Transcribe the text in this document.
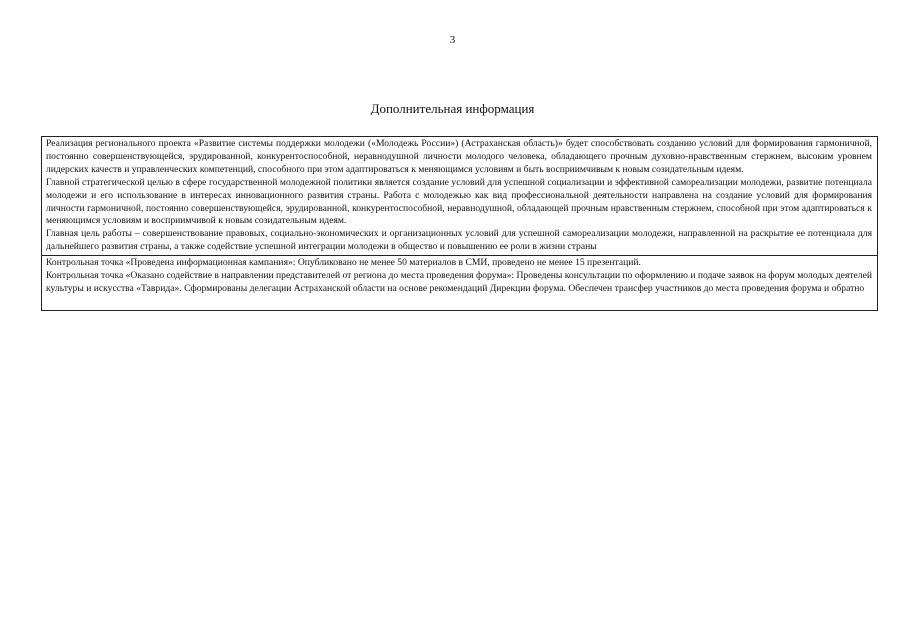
3
Дополнительная информация

Реализация регионального проекта «Развитие системы поддержки молодежи («Молодежь России») (Астраханская область)» будет способствовать созданию условий для формирования гармоничной, постоянно совершенствующейся, эрудированной, конкурентоспособной, неравнодушной личности молодого человека, обладающего прочным духовно-нравственным стержнем, высоким уровнем лидерских качеств и управленческих компетенций, способного при этом адаптироваться к меняющимся условиям и быть восприимчивым к новым созидательным идеям.

Главной стратегической целью в сфере государственной молодежной политики является создание условий для успешной социализации и эффективной самореализации молодежи, развитие потенциала молодежи и его использование в интересах инновационного развития страны. Работа с молодежью как вид профессиональной деятельности направлена на создание условий для формирования личности гармоничной, постоянно совершенствующейся, эрудированной, конкурентоспособной, неравнодушной, обладающей прочным нравственным стержнем, способной при этом адаптироваться к меняющимся условиям и восприимчивой к новым созидательным идеям.

Главная цель работы – совершенствование правовых, социально-экономических и организационных условий для успешной самореализации молодежи, направленной на раскрытие ее потенциала для дальнейшего развития страны, а также содействие успешной интеграции молодежи в общество и повышению ее роли в жизни страны

Контрольная точка «Проведена информационная кампания»: Опубликовано не менее 50 материалов в СМИ, проведено не менее 15 презентаций.

Контрольная точка «Оказано содействие в направлении представителей от региона до места проведения форума»: Проведены консультации по оформлению и подаче заявок на форум молодых деятелей культуры и искусства «Таврида». Сформированы делегации Астраханской области на основе рекомендаций Дирекции форума. Обеспечен трансфер участников до места проведения форума и обратно
